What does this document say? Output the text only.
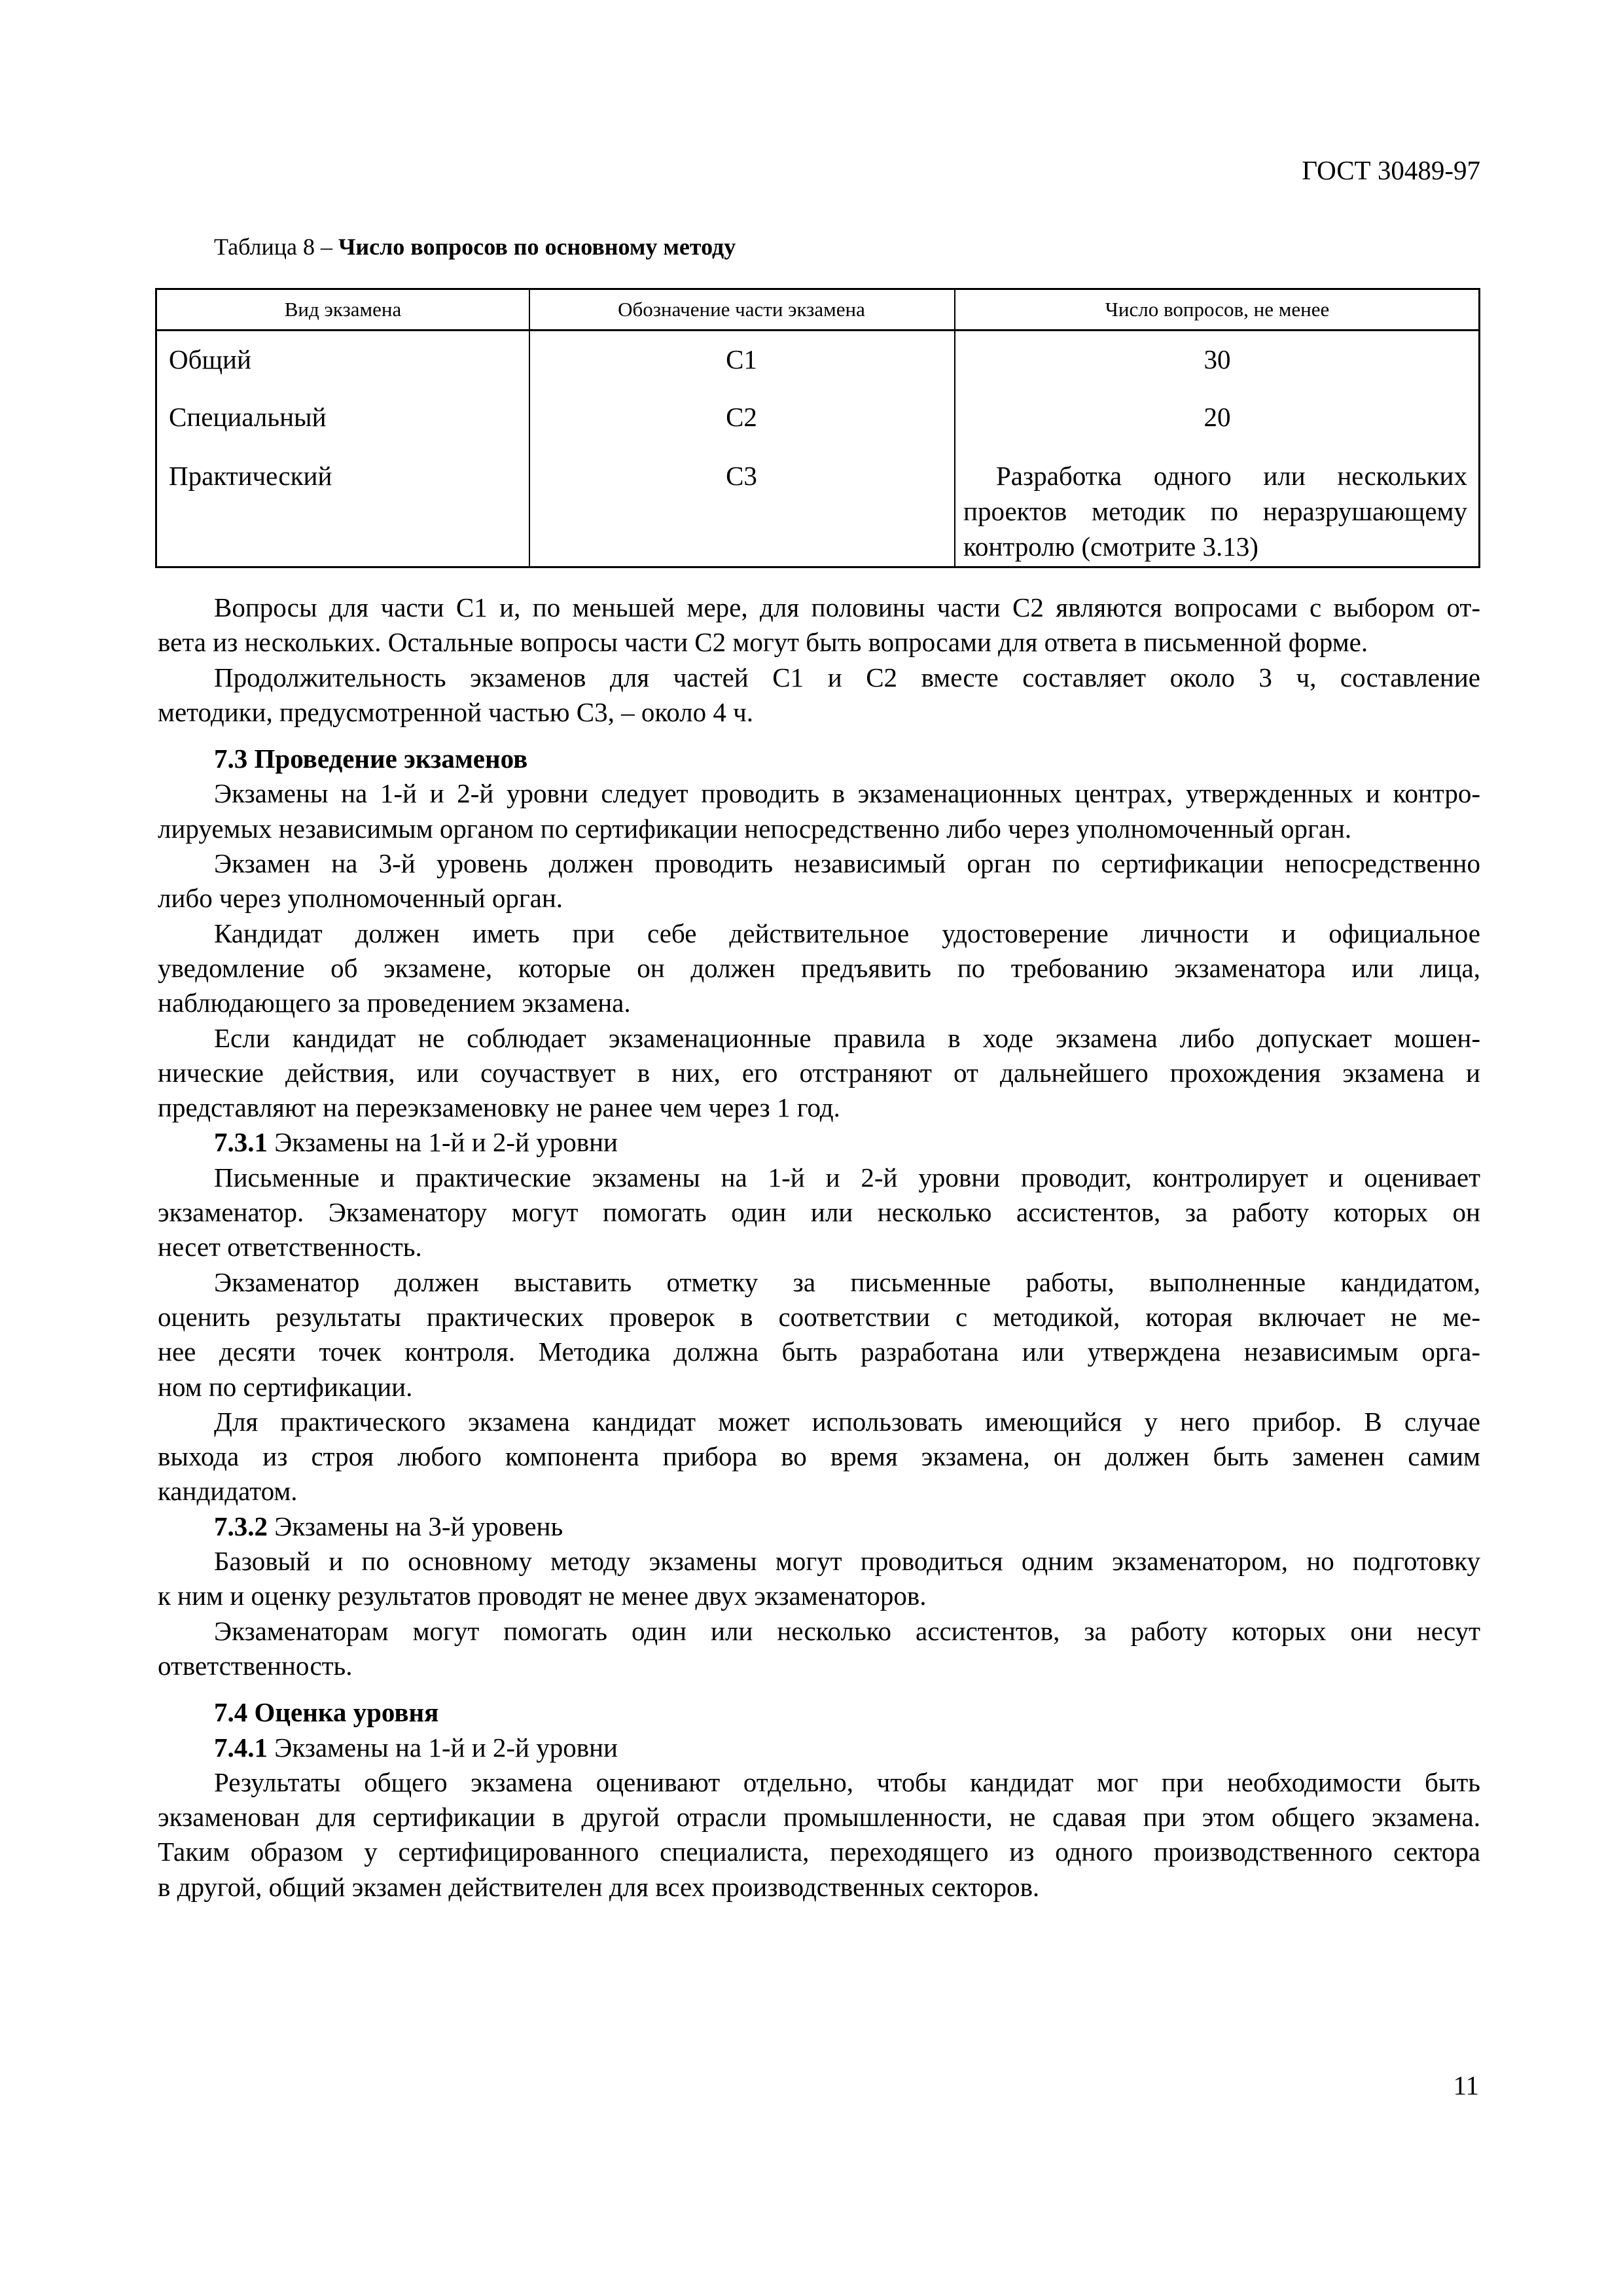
ГОСТ 30489-97
Таблица 8 – Число вопросов по основному методу
Вид экзамена	Обозначение части экзамена	Число вопросов, не менее
Общий	С1	30
Специальный	С2	20
Практический	С3	Разработка одного или нескольких
проектов методик по неразрушающему
контролю (смотрите 3.13)
Вопросы для части С1 и, по меньшей мере, для половины части С2 являются вопросами с выбором от-
вета из нескольких. Остальные вопросы части С2 могут быть вопросами для ответа в письменной форме.
Продолжительность экзаменов для частей С1 и С2 вместе составляет около 3 ч, составление
методики, предусмотренной частью С3, – около 4 ч.
7.3 Проведение экзаменов
Экзамены на 1-й и 2-й уровни следует проводить в экзаменационных центрах, утвержденных и контро-
лируемых независимым органом по сертификации непосредственно либо через уполномоченный орган.
Экзамен на 3-й уровень должен проводить независимый орган по сертификации непосредственно
либо через уполномоченный орган.
Кандидат должен иметь при себе действительное удостоверение личности и официальное
уведомление об экзамене, которые он должен предъявить по требованию экзаменатора или лица,
наблюдающего за проведением экзамена.
Если кандидат не соблюдает экзаменационные правила в ходе экзамена либо допускает мошен-
нические действия, или соучаствует в них, его отстраняют от дальнейшего прохождения экзамена и
представляют на переэкзаменовку не ранее чем через 1 год.
7.3.1 Экзамены на 1-й и 2-й уровни
Письменные и практические экзамены на 1-й и 2-й уровни проводит, контролирует и оценивает
экзаменатор. Экзаменатору могут помогать один или несколько ассистентов, за работу которых он
несет ответственность.
Экзаменатор должен выставить отметку за письменные работы, выполненные кандидатом,
оценить результаты практических проверок в соответствии с методикой, которая включает не ме-
нее десяти точек контроля. Методика должна быть разработана или утверждена независимым орга-
ном по сертификации.
Для практического экзамена кандидат может использовать имеющийся у него прибор. В случае
выхода из строя любого компонента прибора во время экзамена, он должен быть заменен самим
кандидатом.
7.3.2 Экзамены на 3-й уровень
Базовый и по основному методу экзамены могут проводиться одним экзаменатором, но подготовку
к ним и оценку результатов проводят не менее двух экзаменаторов.
Экзаменаторам могут помогать один или несколько ассистентов, за работу которых они несут
ответственность.
7.4 Оценка уровня
7.4.1 Экзамены на 1-й и 2-й уровни
Результаты общего экзамена оценивают отдельно, чтобы кандидат мог при необходимости быть
экзаменован для сертификации в другой отрасли промышленности, не сдавая при этом общего экзамена.
Таким образом у сертифицированного специалиста, переходящего из одного производственного сектора
в другой, общий экзамен действителен для всех производственных секторов.
11
